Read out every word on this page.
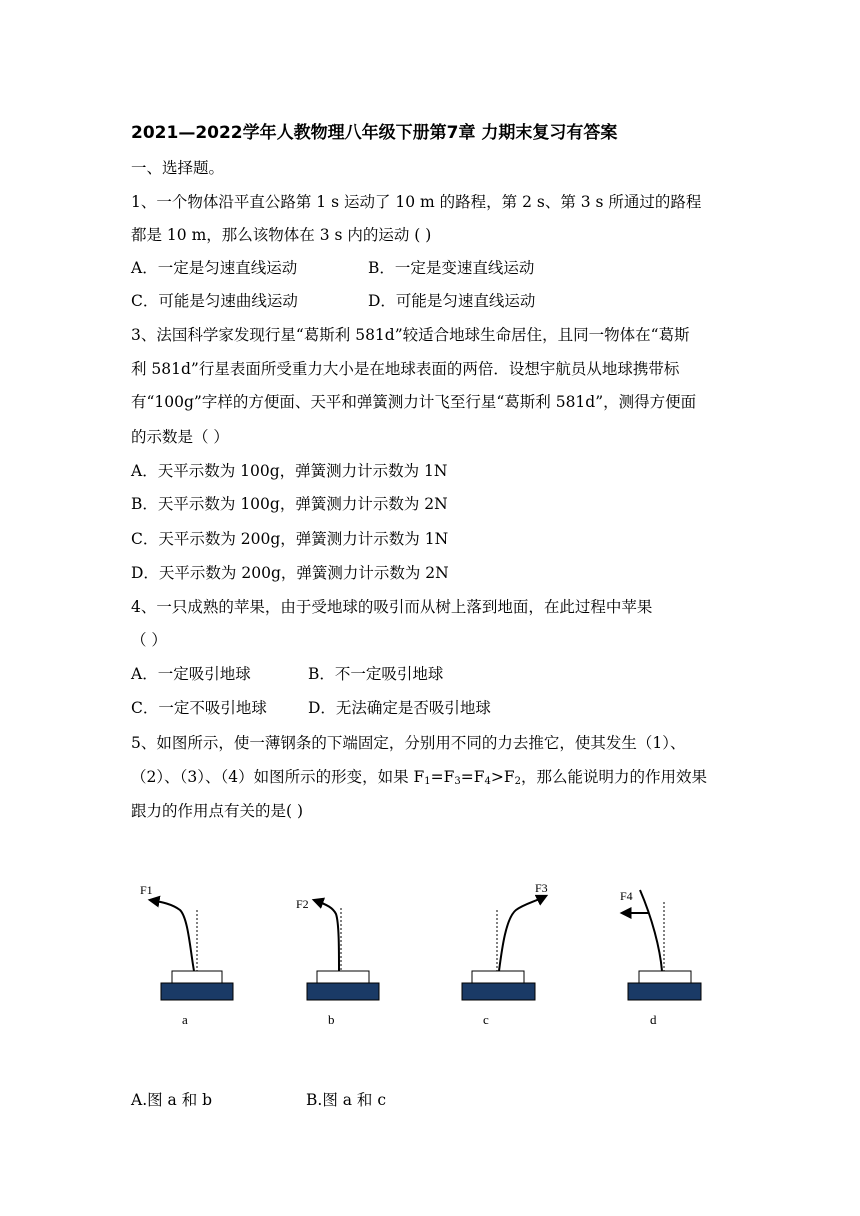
2021—2022学年人教物理八年级下册第7章 力期末复习有答案
一、选择题。
1、一个物体沿平直公路第 1 s 运动了 10 m 的路程，第 2 s、第 3 s 所通过的路程
都是 10 m，那么该物体在 3 s 内的运动 ( )
A．一定是匀速直线运动	B．一定是变速直线运动
C．可能是匀速曲线运动	D．可能是匀速直线运动
3、法国科学家发现行星“葛斯利 581d”较适合地球生命居住，且同一物体在“葛斯
利 581d”行星表面所受重力大小是在地球表面的两倍．设想宇航员从地球携带标
有“100g”字样的方便面、天平和弹簧测力计飞至行星“葛斯利 581d”，测得方便面
的示数是（ ）
A．天平示数为 100g，弹簧测力计示数为 1N
B．天平示数为 100g，弹簧测力计示数为 2N
C．天平示数为 200g，弹簧测力计示数为 1N
D．天平示数为 200g，弹簧测力计示数为 2N
4、一只成熟的苹果，由于受地球的吸引而从树上落到地面，在此过程中苹果
（ ）
A．一定吸引地球	B．不一定吸引地球
C．一定不吸引地球	D．无法确定是否吸引地球
5、如图所示，使一薄钢条的下端固定，分别用不同的力去推它，使其发生（1）、
（2）、（3）、（4）如图所示的形变，如果 $F_1=F_3=F_4>F_2$，那么能说明力的作用效果
跟力的作用点有关的是( )
F1
a
F2
b
F3
c
F4
d
A.图 a 和 b	B.图 a 和 c
